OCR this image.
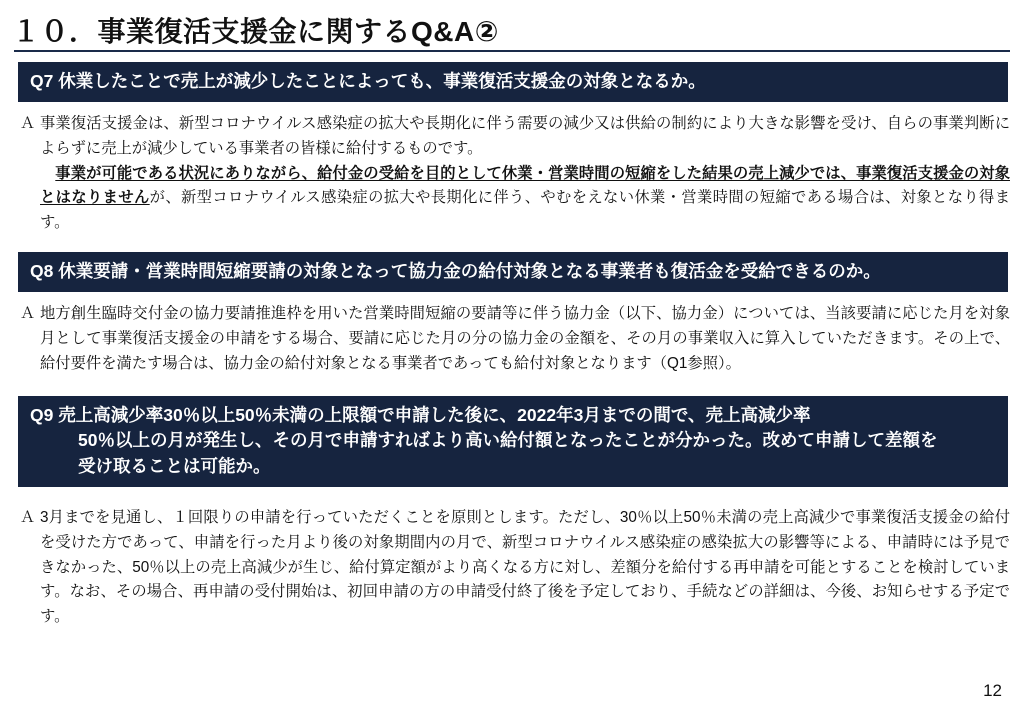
１０．事業復活支援金に関するQ&A②
Q7 休業したことで売上が減少したことによっても、事業復活支援金の対象となるか。
Ａ 事業復活支援金は、新型コロナウイルス感染症の拡大や長期化に伴う需要の減少又は供給の制約により大きな影響を受け、自らの事業判断によらずに売上が減少している事業者の皆様に給付するものです。

事業が可能である状況にありながら、給付金の受給を目的として休業・営業時間の短縮をした結果の売上減少では、事業復活支援金の対象とはなりませんが、新型コロナウイルス感染症の拡大や長期化に伴う、やむをえない休業・営業時間の短縮である場合は、対象となり得ます。

Q8 休業要請・営業時間短縮要請の対象となって協力金の給付対象となる事業者も復活金を受給できるのか。
Ａ 地方創生臨時交付金の協力要請推進枠を用いた営業時間短縮の要請等に伴う協力金（以下、協力金）については、当該要請に応じた月を対象月として事業復活支援金の申請をする場合、要請に応じた月の分の協力金の金額を、その月の事業収入に算入していただきます。その上で、給付要件を満たす場合は、協力金の給付対象となる事業者であっても給付対象となります（Q1参照）。

Q9 売上高減少率30％以上50％未満の上限額で申請した後に、2022年3月までの間で、売上高減少率
50％以上の月が発生し、その月で申請すればより高い給付額となったことが分かった。改めて申請して差額を
受け取ることは可能か。
Ａ 3月までを見通し、１回限りの申請を行っていただくことを原則とします。ただし、30％以上50％未満の売上高減少で事業復活支援金の給付を受けた方であって、申請を行った月より後の対象期間内の月で、新型コロナウイルス感染症の感染拡大の影響等による、申請時には予見できなかった、50％以上の売上高減少が生じ、給付算定額がより高くなる方に対し、差額分を給付する再申請を可能とすることを検討しています。なお、その場合、再申請の受付開始は、初回申請の方の申請受付終了後を予定しており、手続などの詳細は、今後、お知らせする予定です。

12
